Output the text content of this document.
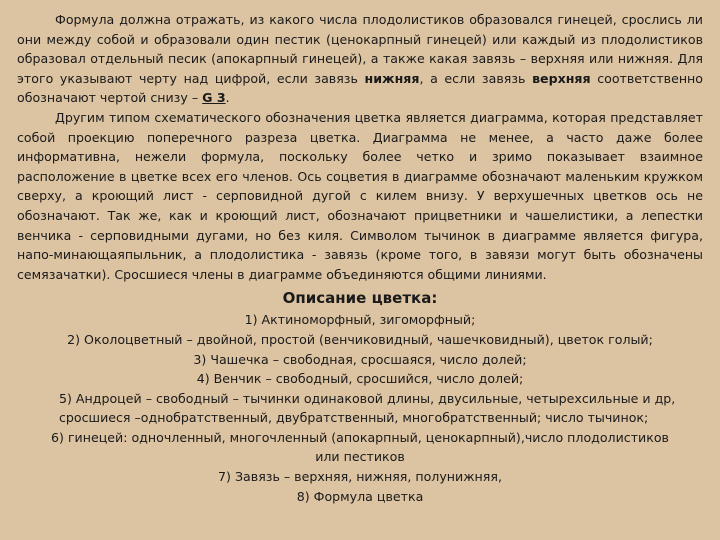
Формула должна отражать, из какого числа плодолистиков образовался гинецей, срослись ли они между собой и образовали один пестик (ценокарпный гинецей) или каждый из плодолистиков образовал отдельный песик (апокарпный гинецей), а также какая завязь – верхняя или нижняя. Для этого указывают черту над цифрой, если завязь нижняя, а если завязь верхняя соответственно обозначают чертой снизу – G 3.

Другим типом схематического обозначения цветка является диаграмма, которая представляет собой проекцию поперечного разреза цветка. Диаграмма не менее, а часто даже более информативна, нежели формула, поскольку более четко и зримо показывает взаимное расположение в цветке всех его членов. Ось соцветия в диаграмме обозначают маленьким кружком сверху, а кроющий лист - серповидной дугой с килем внизу. У верхушечных цветков ось не обозначают. Так же, как и кроющий лист, обозначают прицветники и чашелистики, а лепестки венчика - серповидными дугами, но без киля. Символом тычинок в диаграмме является фигура, напо-минающаяпыльник, а плодолистика - завязь (кроме того, в завязи могут быть обозначены семязачатки). Сросшиеся члены в диаграмме объединяются общими линиями.

Описание цветка:
1) Актиноморфный, зигоморфный;
2) Околоцветный – двойной, простой (венчиковидный, чашечковидный), цветок голый;
3) Чашечка – свободная, сросшаяся, число долей;
4) Венчик – свободный, сросшийся, число долей;
5) Андроцей – свободный – тычинки одинаковой длины, двусильные, четырехсильные и др, сросшиеся –однобратственный, двубратственный, многобратственный; число тычинок;
6) гинецей: одночленный, многочленный (апокарпный, ценокарпный),число плодолистиков или пестиков
7) Завязь – верхняя, нижняя, полунижняя,
8) Формула цветка
